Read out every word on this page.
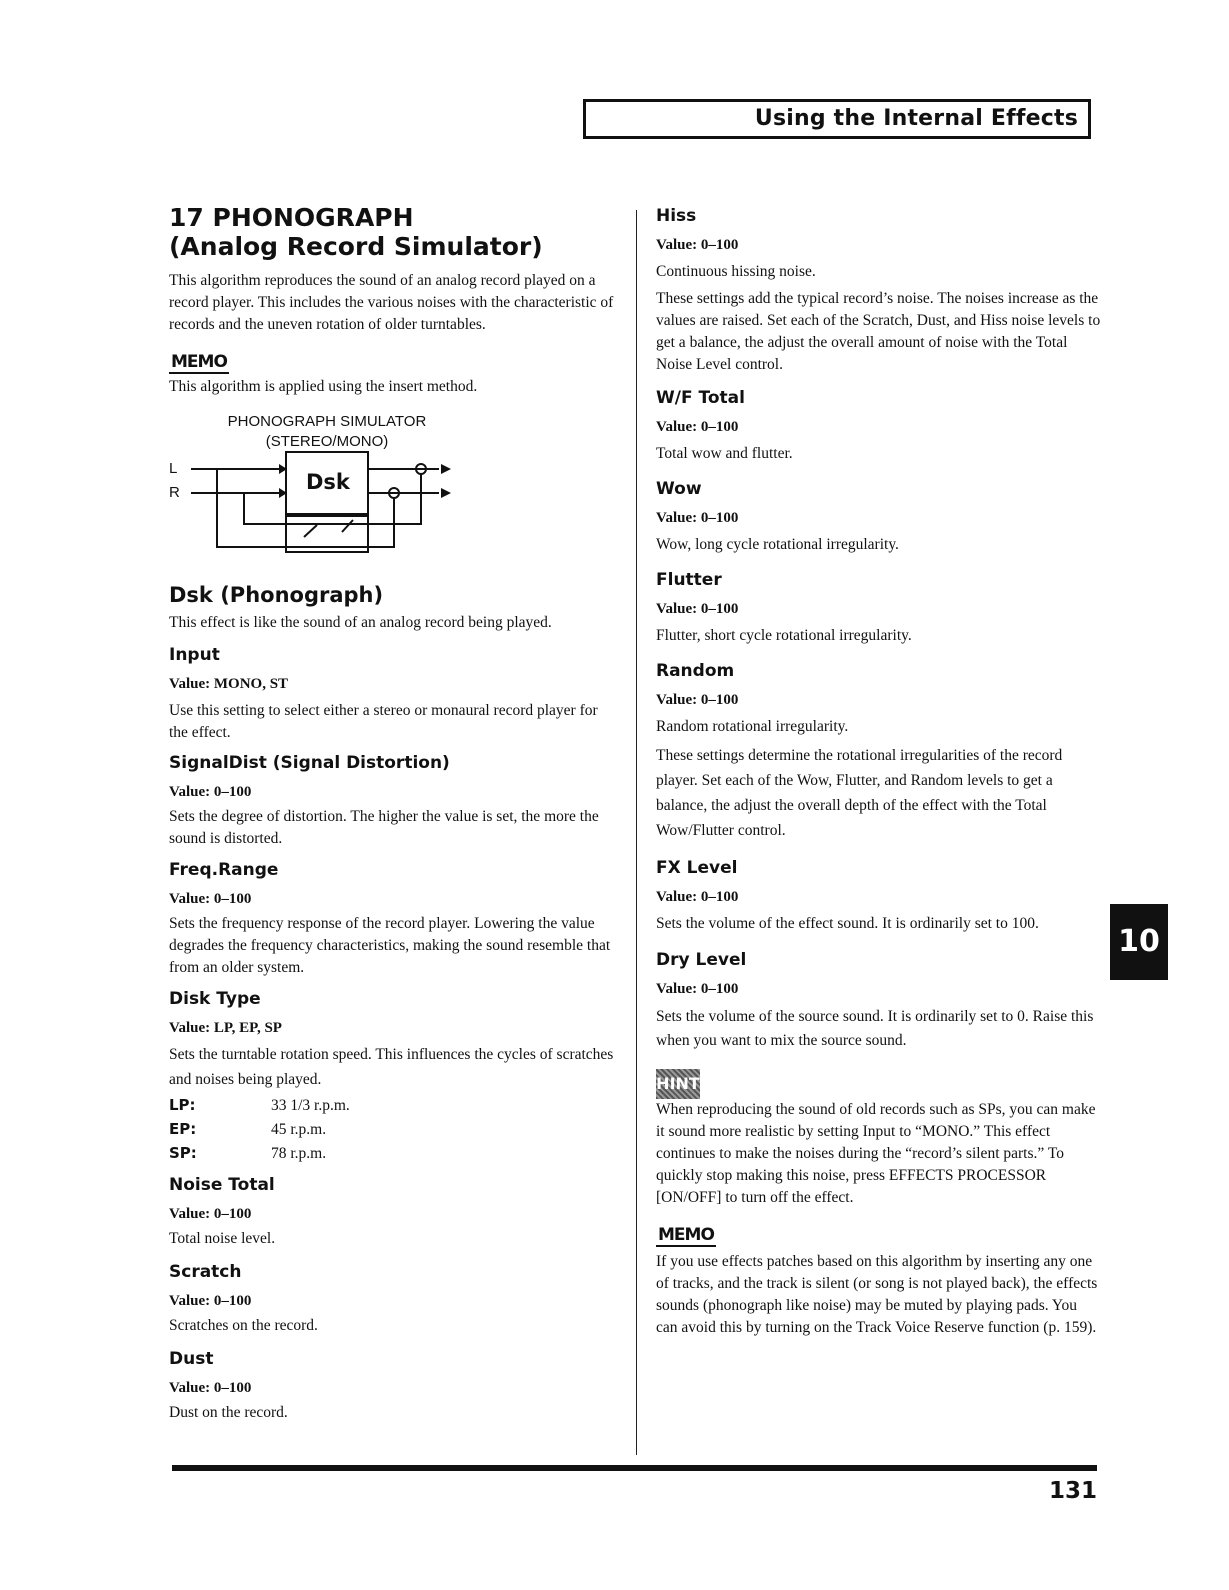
Using the Internal Effects
17 PHONOGRAPH
(Analog Record Simulator)

This algorithm reproduces the sound of an analog record played on a record player. This includes the various noises with the characteristic of records and the uneven rotation of older turntables.

MEMO

This algorithm is applied using the insert method.

PHONOGRAPH SIMULATOR
(STEREO/MONO)
L
R	Dsk
Dsk (Phonograph)

This effect is like the sound of an analog record being played.

Input
Value: MONO, ST

Use this setting to select either a stereo or monaural record player for the effect.

SignalDist (Signal Distortion)
Value: 0–100

Sets the degree of distortion. The higher the value is set, the more the sound is distorted.

Freq.Range
Value: 0–100

Sets the frequency response of the record player. Lowering the value degrades the frequency characteristics, making the sound resemble that from an older system.

Disk Type
Value: LP, EP, SP

Sets the turntable rotation speed. This influences the cycles of scratches and noises being played.

LP:	33 1/3 r.p.m.
EP:	45 r.p.m.
SP:	78 r.p.m.
Noise Total
Value: 0–100

Total noise level.

Scratch
Value: 0–100

Scratches on the record.

Dust
Value: 0–100

Dust on the record.

Hiss
Value: 0–100

Continuous hissing noise.

These settings add the typical record’s noise. The noises increase as the values are raised. Set each of the Scratch, Dust, and Hiss noise levels to get a balance, the adjust the overall amount of noise with the Total Noise Level control.

W/F Total
Value: 0–100

Total wow and flutter.

Wow
Value: 0–100

Wow, long cycle rotational irregularity.

Flutter
Value: 0–100

Flutter, short cycle rotational irregularity.

Random
Value: 0–100

Random rotational irregularity.

These settings determine the rotational irregularities of the record player. Set each of the Wow, Flutter, and Random levels to get a balance, the adjust the overall depth of the effect with the Total Wow/Flutter control.

FX Level
Value: 0–100

Sets the volume of the effect sound. It is ordinarily set to 100.

Dry Level
Value: 0–100

Sets the volume of the source sound. It is ordinarily set to 0. Raise this when you want to mix the source sound.

HINT

When reproducing the sound of old records such as SPs, you can make it sound more realistic by setting Input to “MONO.” This effect continues to make the noises during the “record’s silent parts.” To quickly stop making this noise, press EFFECTS PROCESSOR [ON/OFF] to turn off the effect.

MEMO

If you use effects patches based on this algorithm by inserting any one of tracks, and the track is silent (or song is not played back), the effects sounds (phonograph like noise) may be muted by playing pads. You can avoid this by turning on the Track Voice Reserve function (p. 159).

10
131
